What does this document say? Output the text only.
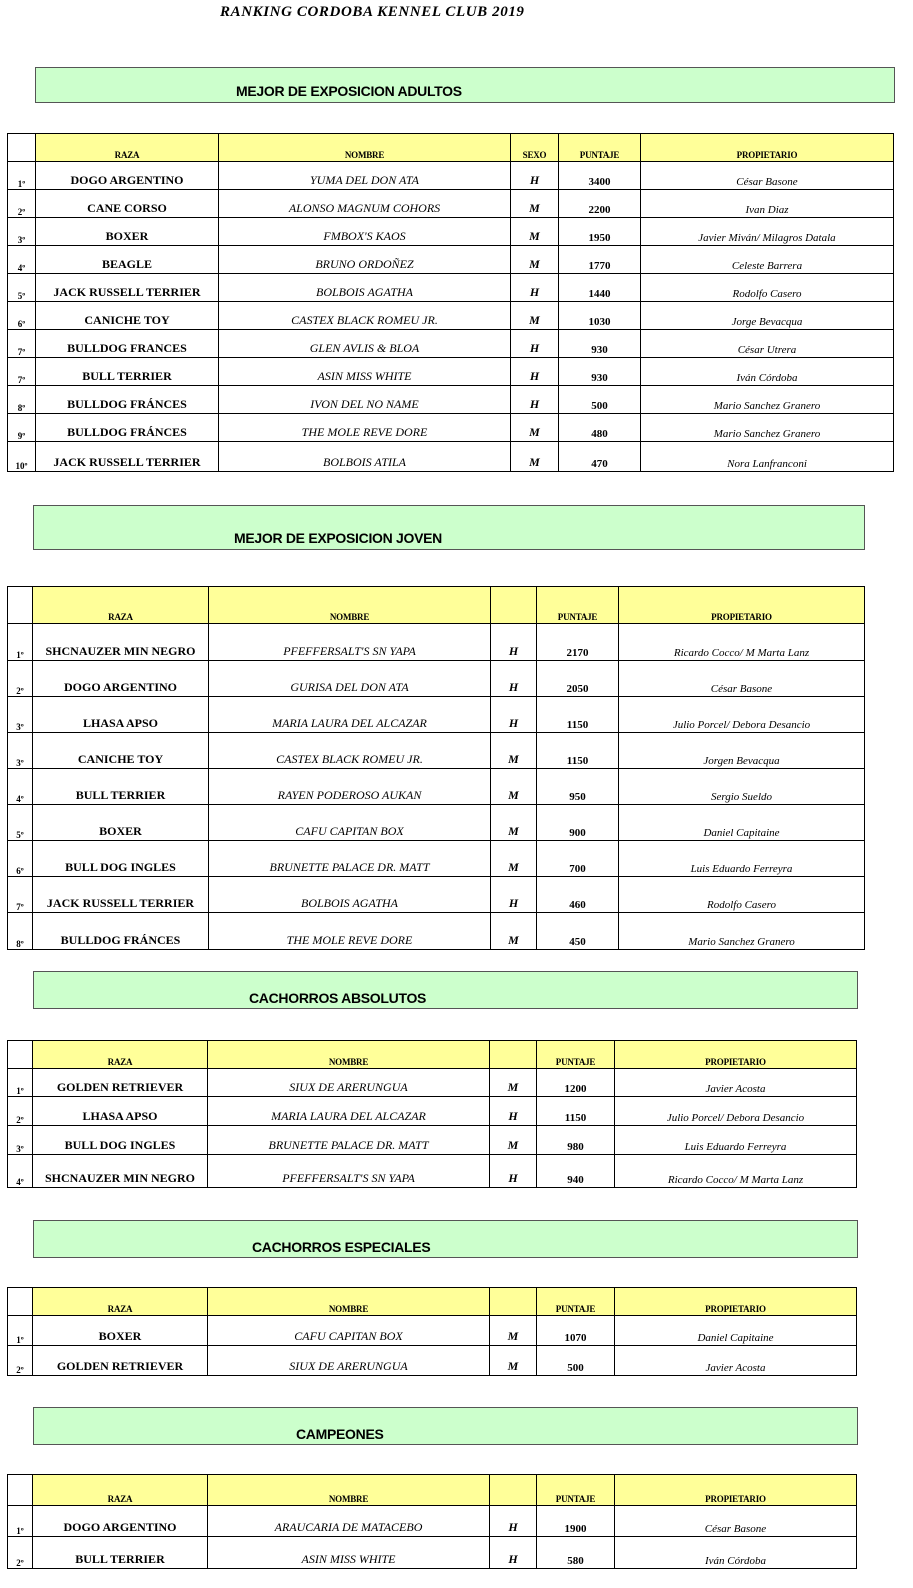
RANKING CORDOBA KENNEL CLUB 2019
MEJOR DE EXPOSICION ADULTOS
	RAZA	NOMBRE	SEXO	PUNTAJE	PROPIETARIO
1º	DOGO ARGENTINO	YUMA DEL DON ATA	H	3400	César Basone
2º	CANE CORSO	ALONSO MAGNUM COHORS	M	2200	Ivan Diaz
3º	BOXER	FMBOX'S KAOS	M	1950	Javier Miván/ Milagros Datala
4º	BEAGLE	BRUNO ORDOÑEZ	M	1770	Celeste Barrera
5º	JACK RUSSELL TERRIER	BOLBOIS AGATHA	H	1440	Rodolfo Casero
6º	CANICHE TOY	CASTEX BLACK ROMEU JR.	M	1030	Jorge Bevacqua
7º	BULLDOG FRANCES	GLEN AVLIS & BLOA	H	930	César Utrera
7º	BULL TERRIER	ASIN MISS WHITE	H	930	Iván Córdoba
8º	BULLDOG FRÁNCES	IVON DEL NO NAME	H	500	Mario Sanchez Granero
9º	BULLDOG FRÁNCES	THE MOLE REVE DORE	M	480	Mario Sanchez Granero
10º	JACK RUSSELL TERRIER	BOLBOIS ATILA	M	470	Nora Lanfranconi
MEJOR DE EXPOSICION JOVEN
	RAZA	NOMBRE		PUNTAJE	PROPIETARIO
1º	SHCNAUZER MIN NEGRO	PFEFFERSALT'S SN YAPA	H	2170	Ricardo Cocco/ M Marta Lanz
2º	DOGO ARGENTINO	GURISA DEL DON ATA	H	2050	César Basone
3º	LHASA APSO	MARIA LAURA DEL ALCAZAR	H	1150	Julio Porcel/ Debora Desancio
3º	CANICHE TOY	CASTEX BLACK ROMEU JR.	M	1150	Jorgen Bevacqua
4º	BULL TERRIER	RAYEN PODEROSO AUKAN	M	950	Sergio Sueldo
5º	BOXER	CAFU CAPITAN BOX	M	900	Daniel Capitaine
6º	BULL DOG INGLES	BRUNETTE PALACE DR. MATT	M	700	Luis Eduardo Ferreyra
7º	JACK RUSSELL TERRIER	BOLBOIS AGATHA	H	460	Rodolfo Casero
8º	BULLDOG FRÁNCES	THE MOLE REVE DORE	M	450	Mario Sanchez Granero
CACHORROS ABSOLUTOS
	RAZA	NOMBRE		PUNTAJE	PROPIETARIO
1º	GOLDEN RETRIEVER	SIUX DE ARERUNGUA	M	1200	Javier Acosta
2º	LHASA APSO	MARIA LAURA DEL ALCAZAR	H	1150	Julio Porcel/ Debora Desancio
3º	BULL DOG INGLES	BRUNETTE PALACE DR. MATT	M	980	Luis Eduardo Ferreyra
4º	SHCNAUZER MIN NEGRO	PFEFFERSALT'S SN YAPA	H	940	Ricardo Cocco/ M Marta Lanz
CACHORROS ESPECIALES
	RAZA	NOMBRE		PUNTAJE	PROPIETARIO
1º	BOXER	CAFU CAPITAN BOX	M	1070	Daniel Capitaine
2º	GOLDEN RETRIEVER	SIUX DE ARERUNGUA	M	500	Javier Acosta
CAMPEONES
	RAZA	NOMBRE		PUNTAJE	PROPIETARIO
1º	DOGO ARGENTINO	ARAUCARIA DE MATACEBO	H	1900	César Basone
2º	BULL TERRIER	ASIN MISS WHITE	H	580	Iván Córdoba
